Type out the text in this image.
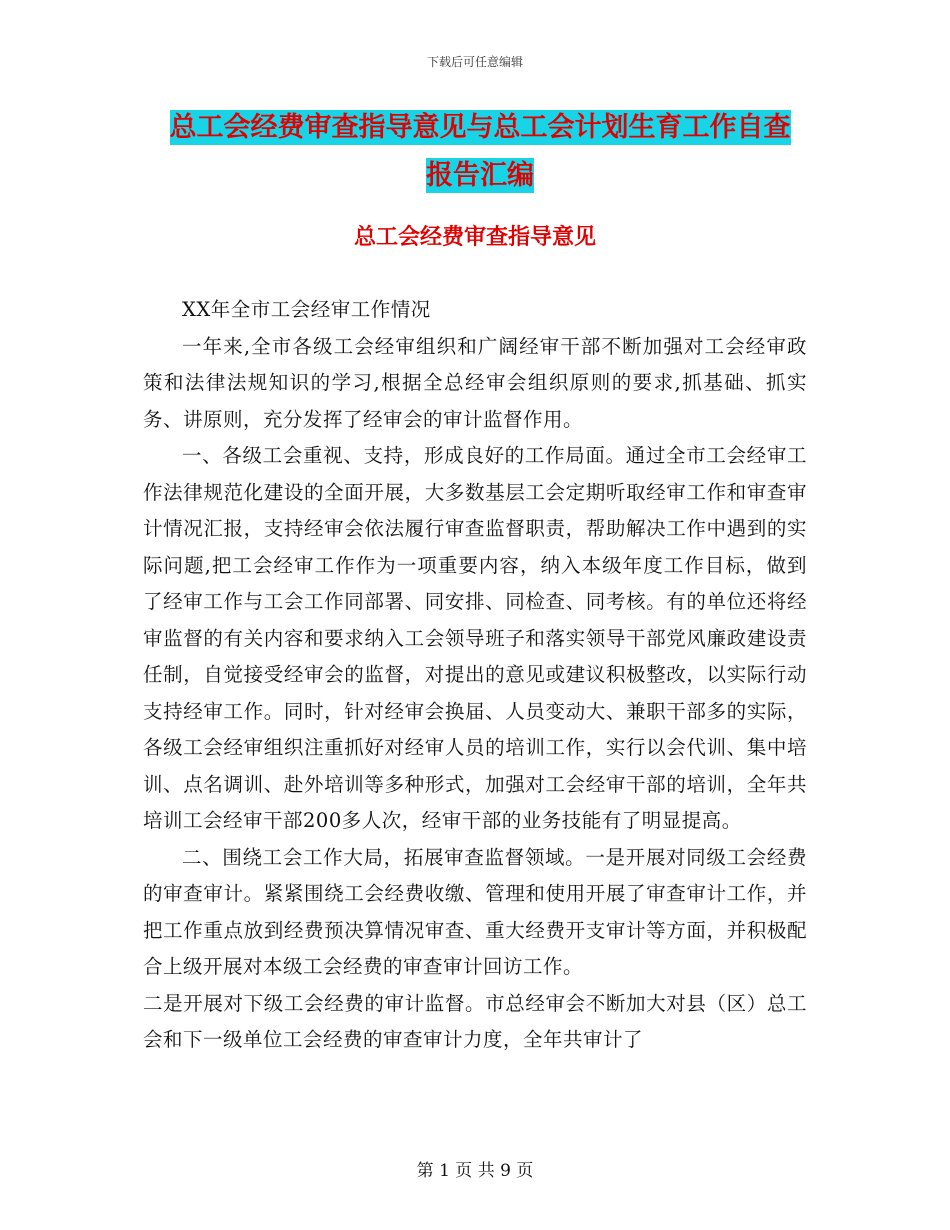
下载后可任意编辑
总工会经费审查指导意见与总工会计划生育工作自查
报告汇编
总工会经费审查指导意见

XX年全市工会经审工作情况

一年来,全市各级工会经审组织和广阔经审干部不断加强对工会经审政策和法律法规知识的学习,根据全总经审会组织原则的要求,抓基础、抓实务、讲原则，充分发挥了经审会的审计监督作用。

一、各级工会重视、支持，形成良好的工作局面。通过全市工会经审工作法律规范化建设的全面开展，大多数基层工会定期听取经审工作和审查审计情况汇报，支持经审会依法履行审查监督职责，帮助解决工作中遇到的实际问题,把工会经审工作作为一项重要内容，纳入本级年度工作目标，做到了经审工作与工会工作同部署、同安排、同检查、同考核。有的单位还将经审监督的有关内容和要求纳入工会领导班子和落实领导干部党风廉政建设责任制，自觉接受经审会的监督，对提出的意见或建议积极整改，以实际行动支持经审工作。同时，针对经审会换届、人员变动大、兼职干部多的实际，各级工会经审组织注重抓好对经审人员的培训工作，实行以会代训、集中培训、点名调训、赴外培训等多种形式，加强对工会经审干部的培训，全年共培训工会经审干部200多人次，经审干部的业务技能有了明显提高。

二、围绕工会工作大局，拓展审查监督领域。一是开展对同级工会经费的审查审计。紧紧围绕工会经费收缴、管理和使用开展了审查审计工作，并把工作重点放到经费预决算情况审查、重大经费开支审计等方面，并积极配合上级开展对本级工会经费的审查审计回访工作。

二是开展对下级工会经费的审计监督。市总经审会不断加大对县（区）总工会和下一级单位工会经费的审查审计力度，全年共审计了

第 1 页 共 9 页
